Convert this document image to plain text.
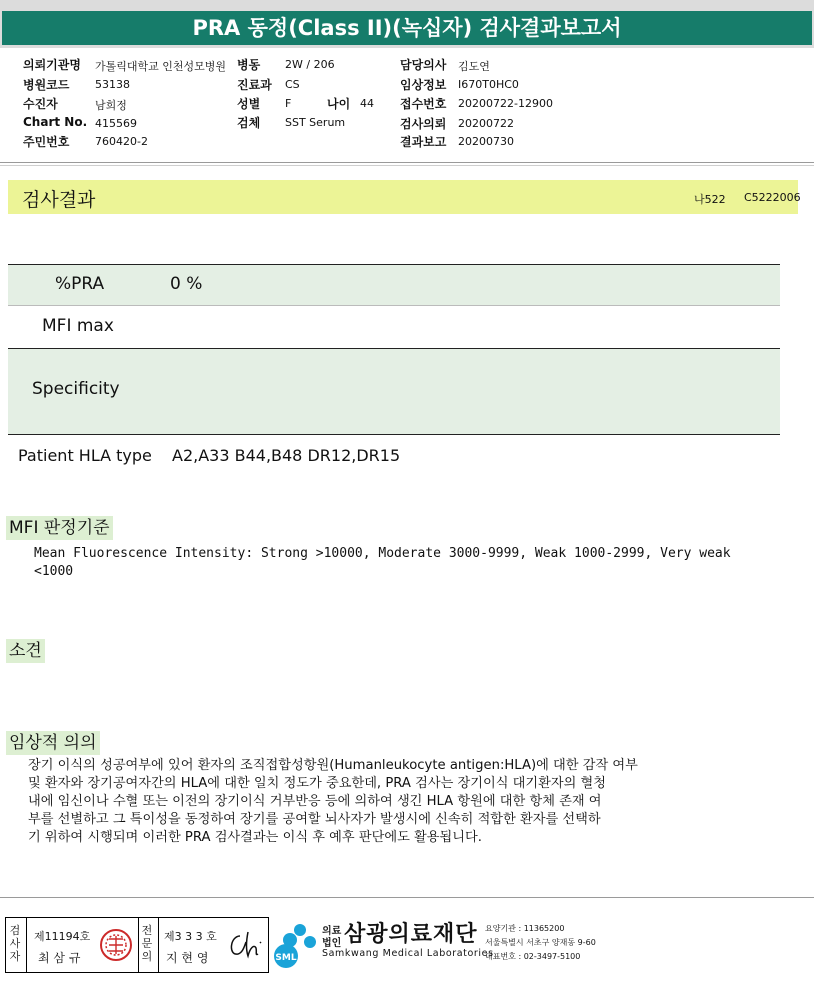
PRA 동정(Class II)(녹십자) 검사결과보고서
의뢰기관명 가톨릭대학교 인천성모병원 병동 2W / 206	담당의사 김도연
병원코드 53138	진료과 CS	임상정보 I670T0HC0
수진자	남희정	성별 F	나이 44 접수번호 20200722-12900
Chart No. 415569	검체 SST Serum	검사의뢰 20200722
주민번호 760420-2	결과보고 20200730
검사결과	나522 C5222006
%PRA	0 %
MFI max
Specificity
Patient HLA type A2,A33 B44,B48 DR12,DR15
MFI 판정기준
Mean Fluorescence Intensity: Strong >10000, Moderate 3000-9999, Weak 1000-2999, Very weak
<1000
소견
임상적 의의
장기 이식의 성공여부에 있어 환자의 조직접합성항원(Humanleukocyte antigen:HLA)에 대한 감작 여부
및 환자와 장기공여자간의 HLA에 대한 일치 정도가 중요한데, PRA 검사는 장기이식 대기환자의 혈청
내에 임신이나 수혈 또는 이전의 장기이식 거부반응 등에 의하여 생긴 HLA 항원에 대한 항체 존재 여
부를 선별하고 그 특이성을 동정하여 장기를 공여할 뇌사자가 발생시에 신속히 적합한 환자를 선택하
기 위하여 시행되며 이러한 PRA 검사결과는 이식 후 예후 판단에도 활용됩니다.
검
사
자
제11194호
최 삼 규
전
문
의
제3 3 3 호
지 현 영	SML
의료
법인 삼광의료재단
Samkwang Medical Laboratories
요양기관 : 11365200
서울특별시 서초구 양재동 9-60
대표번호 : 02-3497-5100
